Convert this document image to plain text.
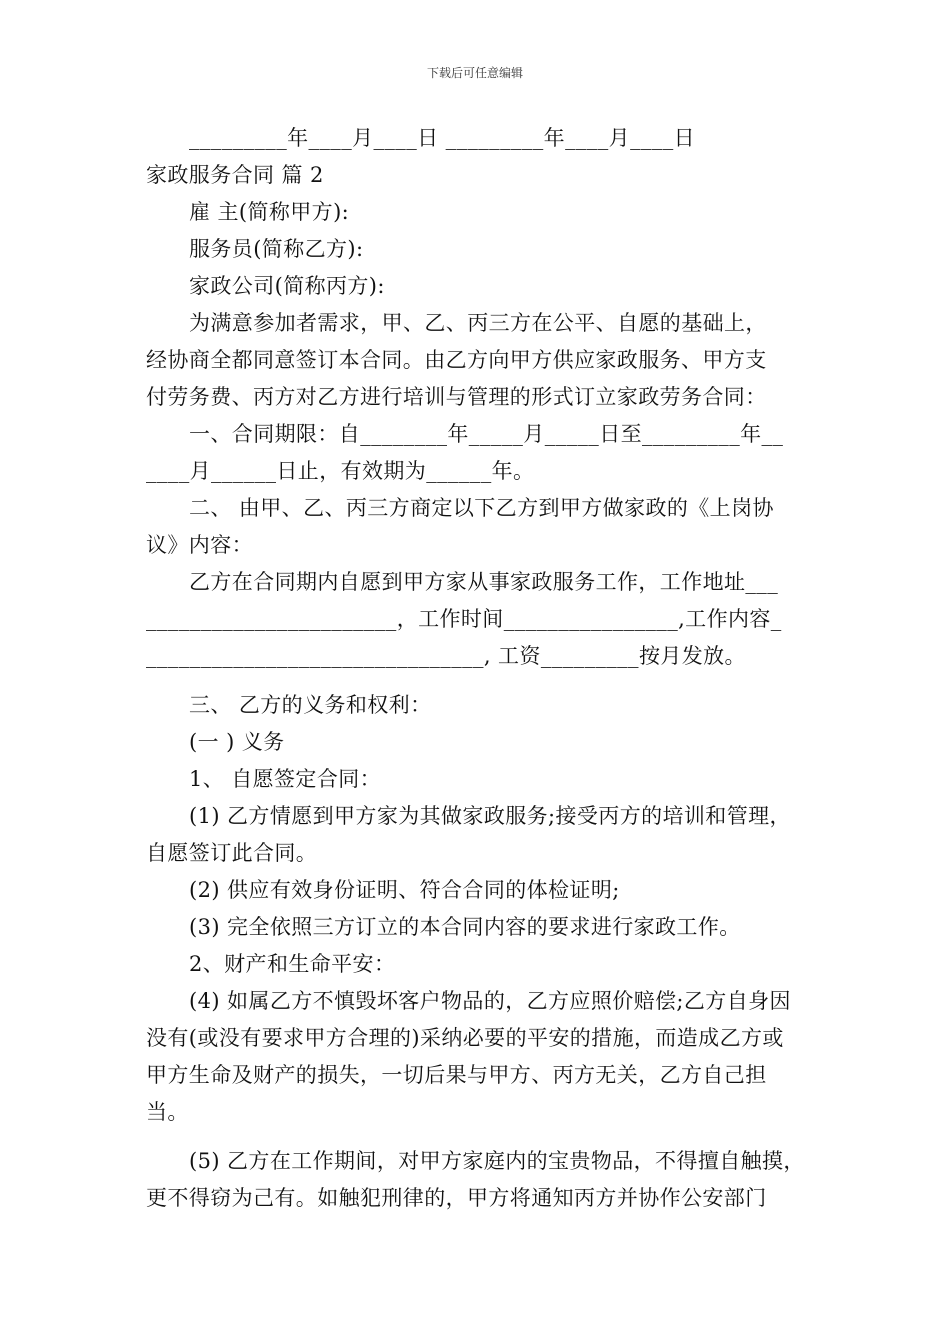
下载后可任意编辑
_________年____月____日 _________年____月____日
家政服务合同 篇 2
雇 主(简称甲方):
服务员(简称乙方):
家政公司(简称丙方):
为满意参加者需求，甲、乙、丙三方在公平、自愿的基础上，
经协商全都同意签订本合同。由乙方向甲方供应家政服务、甲方支
付劳务费、丙方对乙方进行培训与管理的形式订立家政劳务合同：
一、合同期限：自________年_____月_____日至_________年__
____月______日止，有效期为______年。
二、 由甲、乙、丙三方商定以下乙方到甲方做家政的《上岗协
议》内容：
乙方在合同期内自愿到甲方家从事家政服务工作，工作地址___
_______________________，工作时间________________,工作内容_
_______________________________, 工资_________按月发放。
三、 乙方的义务和权利：
(一 ) 义务
1、 自愿签定合同：
(1) 乙方情愿到甲方家为其做家政服务;接受丙方的培训和管理，
自愿签订此合同。
(2) 供应有效身份证明、符合合同的体检证明;
(3) 完全依照三方订立的本合同内容的要求进行家政工作。
2、财产和生命平安：
(4) 如属乙方不慎毁坏客户物品的，乙方应照价赔偿;乙方自身因
没有(或没有要求甲方合理的)采纳必要的平安的措施，而造成乙方或
甲方生命及财产的损失，一切后果与甲方、丙方无关，乙方自己担
当。
(5) 乙方在工作期间，对甲方家庭内的宝贵物品，不得擅自触摸，
更不得窃为己有。如触犯刑律的，甲方将通知丙方并协作公安部门
